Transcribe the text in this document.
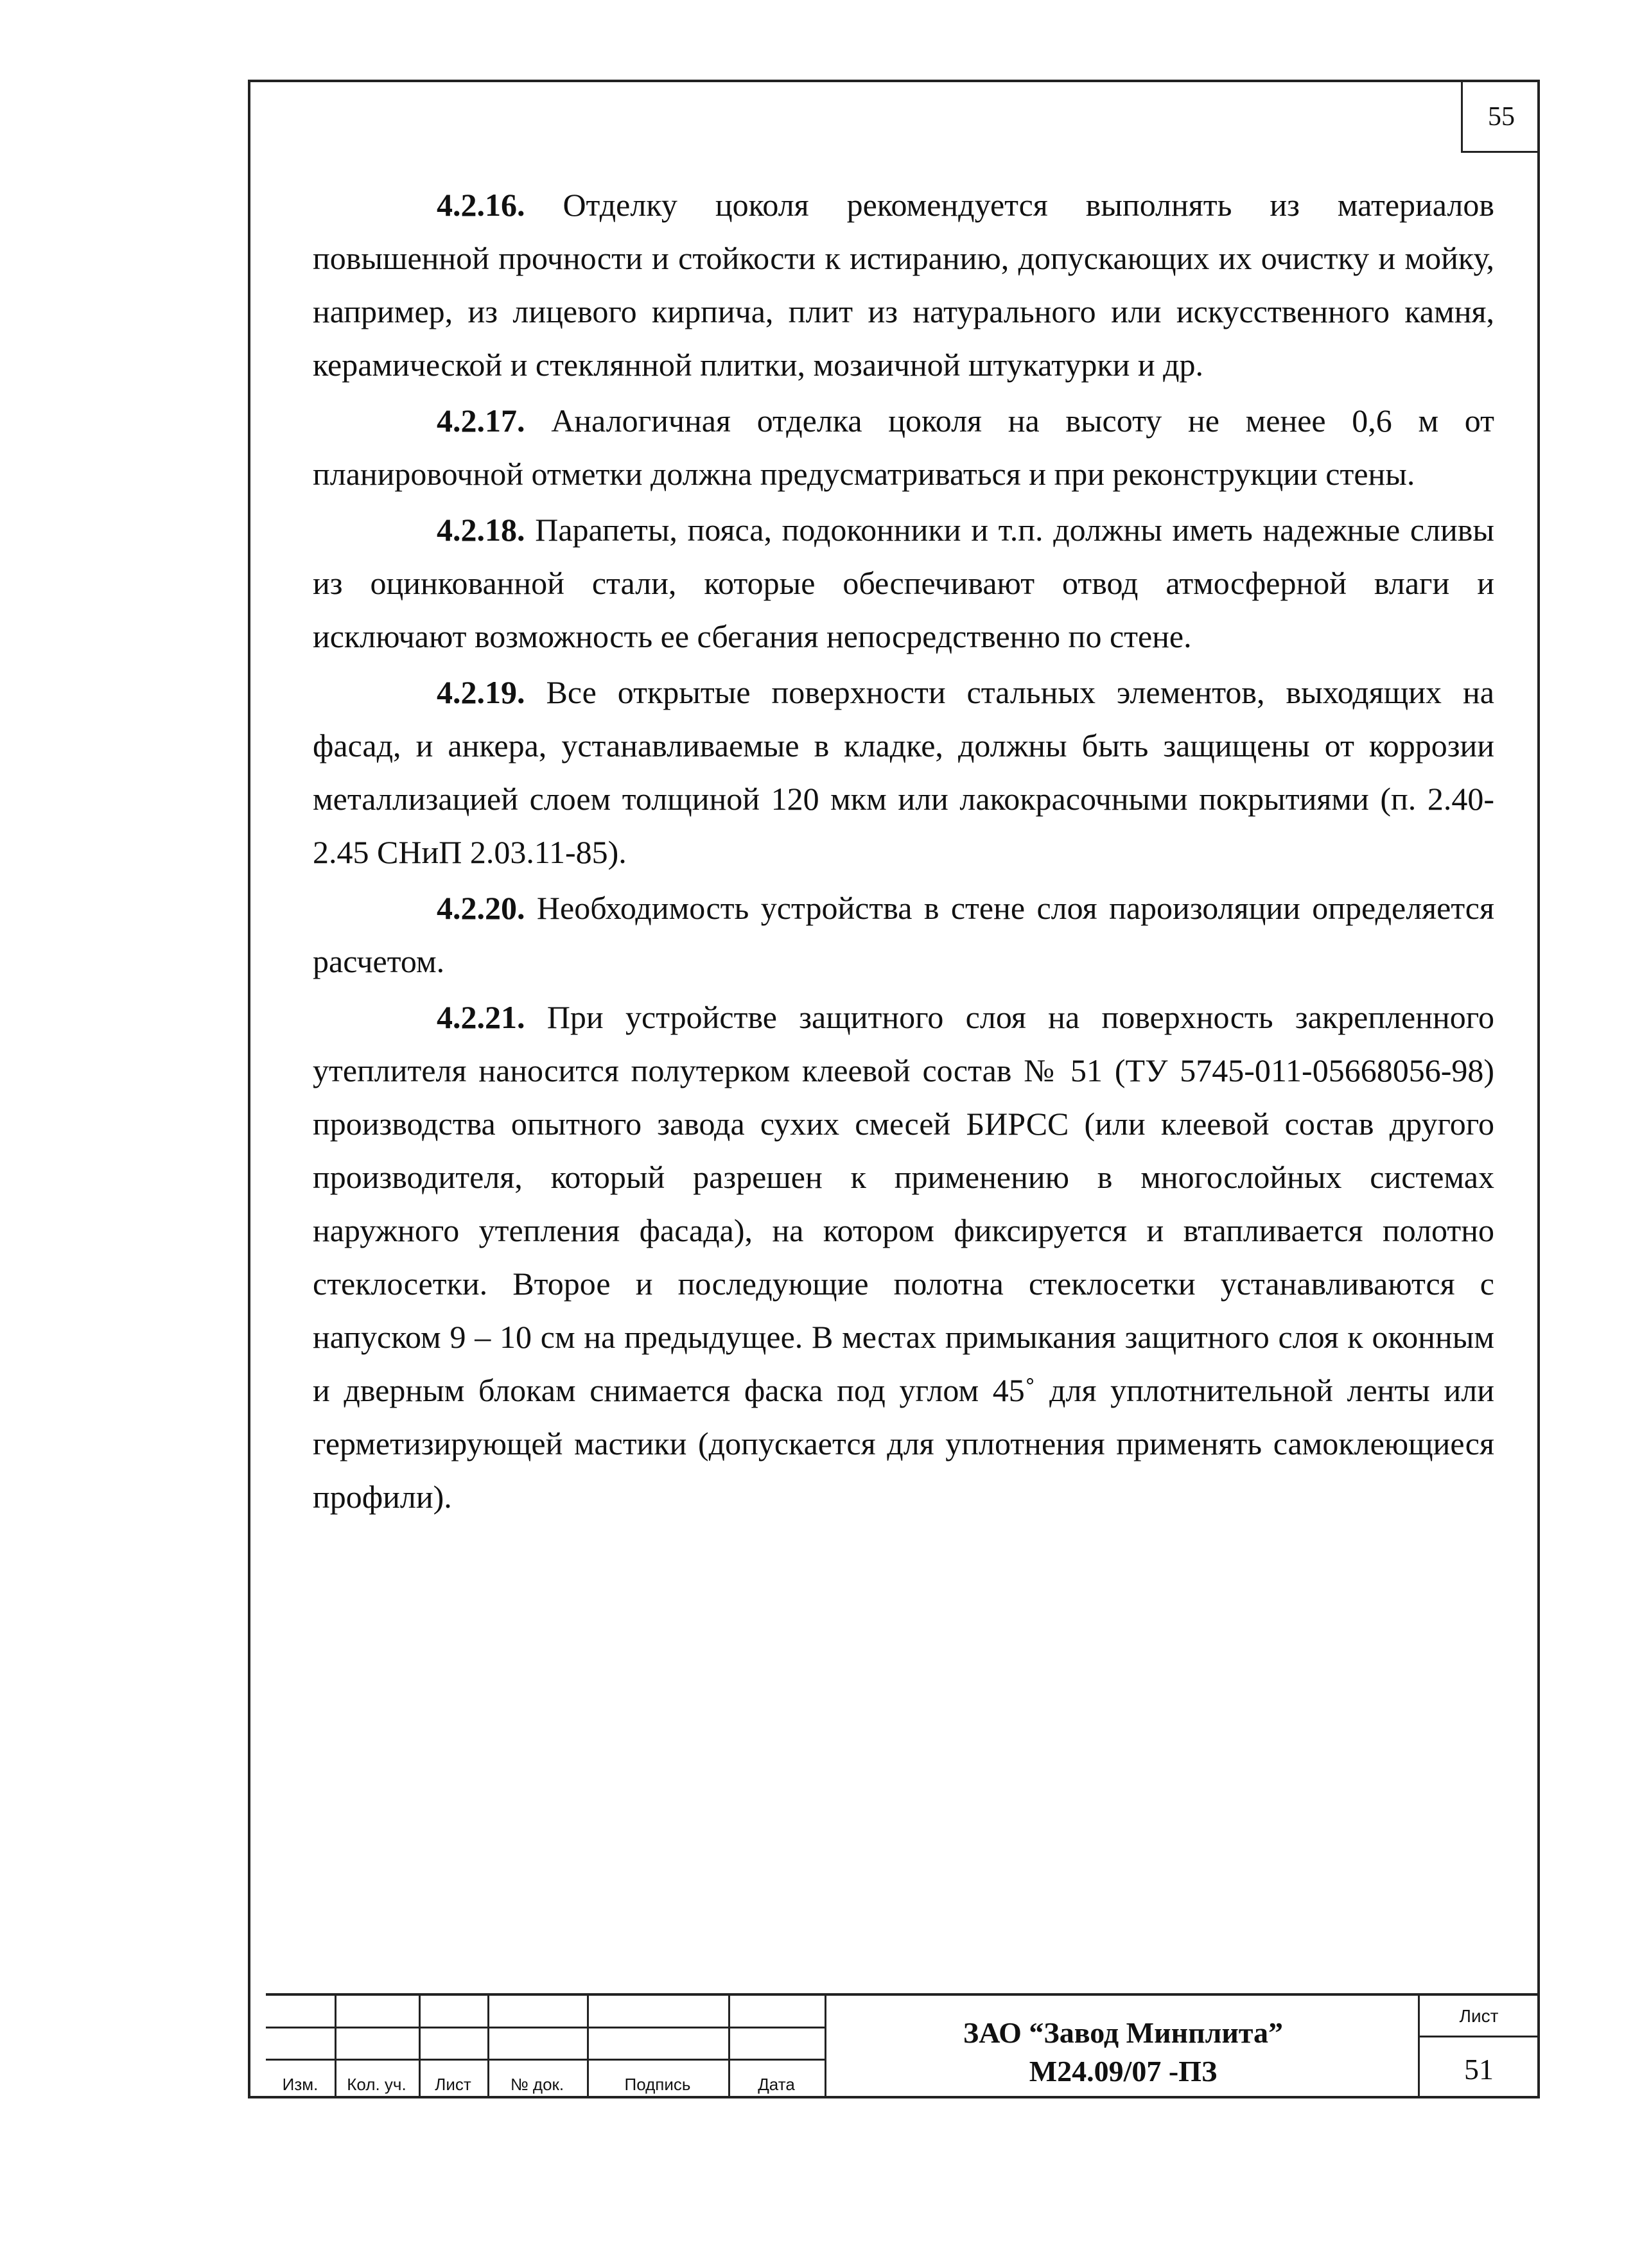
55

4.2.16. Отделку цоколя рекомендуется выполнять из материалов повышенной прочности и стойкости к истиранию, допускающих их очистку и мойку, например, из лицевого кирпича, плит из натурального или искусственного камня, керамической и стеклянной плитки, мозаичной штукатурки и др.

4.2.17. Аналогичная отделка цоколя на высоту не менее 0,6 м от планировочной отметки должна предусматриваться и при реконструкции стены.

4.2.18. Парапеты, пояса, подоконники и т.п. должны иметь надежные сливы из оцинкованной стали, которые обеспечивают отвод атмосферной влаги и исключают возможность ее сбегания непосредственно по стене.

4.2.19. Все открытые поверхности стальных элементов, выходящих на фасад, и анкера, устанавливаемые в кладке, должны быть защищены от коррозии металлизацией слоем толщиной 120 мкм или лакокрасочными покрытиями (п. 2.40-2.45 СНиП 2.03.11-85).

4.2.20. Необходимость устройства в стене слоя пароизоляции определяется расчетом.

4.2.21. При устройстве защитного слоя на поверхность закрепленного утеплителя наносится полутерком клеевой состав № 51 (ТУ 5745-011-05668056-98) производства опытного завода сухих смесей БИРСС (или клеевой состав другого производителя, который разрешен к применению в многослойных системах наружного утепления фасада), на котором фиксируется и втапливается полотно стеклосетки. Второе и последующие полотна стеклосетки устанавливаются с напуском 9 – 10 см на предыдущее. В местах примыкания защитного слоя к оконным и дверным блокам снимается фаска под углом 45˚ для уплотнительной ленты или герметизирующей мастики (допускается для уплотнения применять самоклеющиеся профили).

Изм.	Кол. уч.	Лист	№ док.	Подпись	Дата
ЗАО “Завод Минплита”
М24.09/07 -ПЗ
Лист
51
